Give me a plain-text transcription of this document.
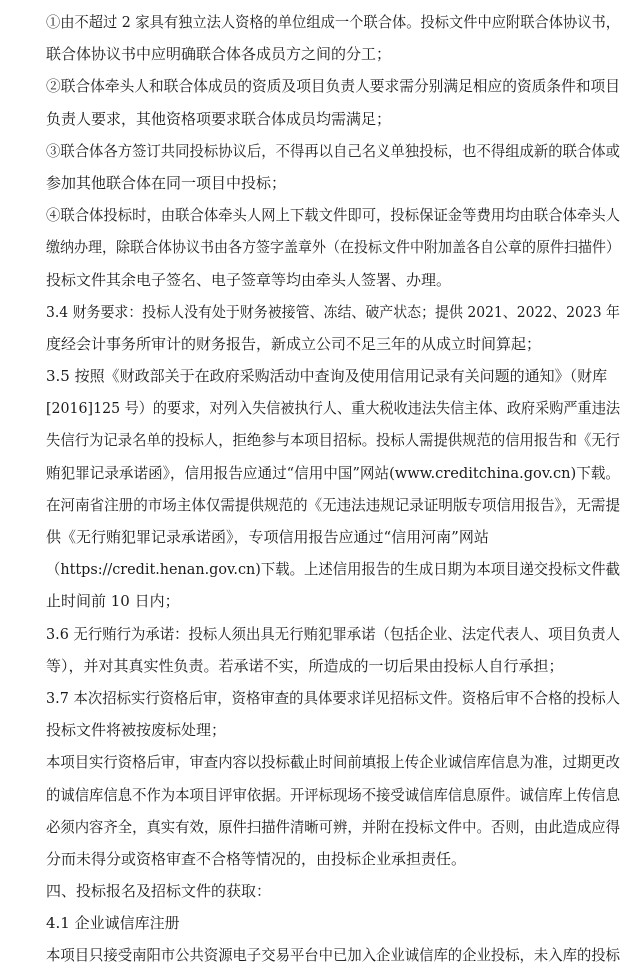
①由不超过 2 家具有独立法人资格的单位组成一个联合体。投标文件中应附联合体协议书，
联合体协议书中应明确联合体各成员方之间的分工；
②联合体牵头人和联合体成员的资质及项目负责人要求需分别满足相应的资质条件和项目
负责人要求，其他资格项要求联合体成员均需满足；
③联合体各方签订共同投标协议后，不得再以自己名义单独投标，也不得组成新的联合体或
参加其他联合体在同一项目中投标；
④联合体投标时，由联合体牵头人网上下载文件即可，投标保证金等费用均由联合体牵头人
缴纳办理，除联合体协议书由各方签字盖章外（在投标文件中附加盖各自公章的原件扫描件）
投标文件其余电子签名、电子签章等均由牵头人签署、办理。
3.4 财务要求：投标人没有处于财务被接管、冻结、破产状态；提供 2021、2022、2023 年
度经会计事务所审计的财务报告，新成立公司不足三年的从成立时间算起；
3.5 按照《财政部关于在政府采购活动中查询及使用信用记录有关问题的通知》（财库
[2016]125 号）的要求，对列入失信被执行人、重大税收违法失信主体、政府采购严重违法
失信行为记录名单的投标人，拒绝参与本项目招标。投标人需提供规范的信用报告和《无行
贿犯罪记录承诺函》，信用报告应通过“信用中国”网站(www.creditchina.gov.cn)下载。
在河南省注册的市场主体仅需提供规范的《无违法违规记录证明版专项信用报告》，无需提
供《无行贿犯罪记录承诺函》，专项信用报告应通过“信用河南”网站
（https://credit.henan.gov.cn)下载。上述信用报告的生成日期为本项目递交投标文件截
止时间前 10 日内；
3.6 无行贿行为承诺：投标人须出具无行贿犯罪承诺（包括企业、法定代表人、项目负责人
等），并对其真实性负责。若承诺不实，所造成的一切后果由投标人自行承担；
3.7 本次招标实行资格后审，资格审查的具体要求详见招标文件。资格后审不合格的投标人
投标文件将被按废标处理；
本项目实行资格后审，审查内容以投标截止时间前填报上传企业诚信库信息为准，过期更改
的诚信库信息不作为本项目评审依据。开评标现场不接受诚信库信息原件。诚信库上传信息
必须内容齐全，真实有效，原件扫描件清晰可辨，并附在投标文件中。否则，由此造成应得
分而未得分或资格审查不合格等情况的，由投标企业承担责任。
四、投标报名及招标文件的获取：
4.1 企业诚信库注册
本项目只接受南阳市公共资源电子交易平台中已加入企业诚信库的企业投标，未入库的投标
